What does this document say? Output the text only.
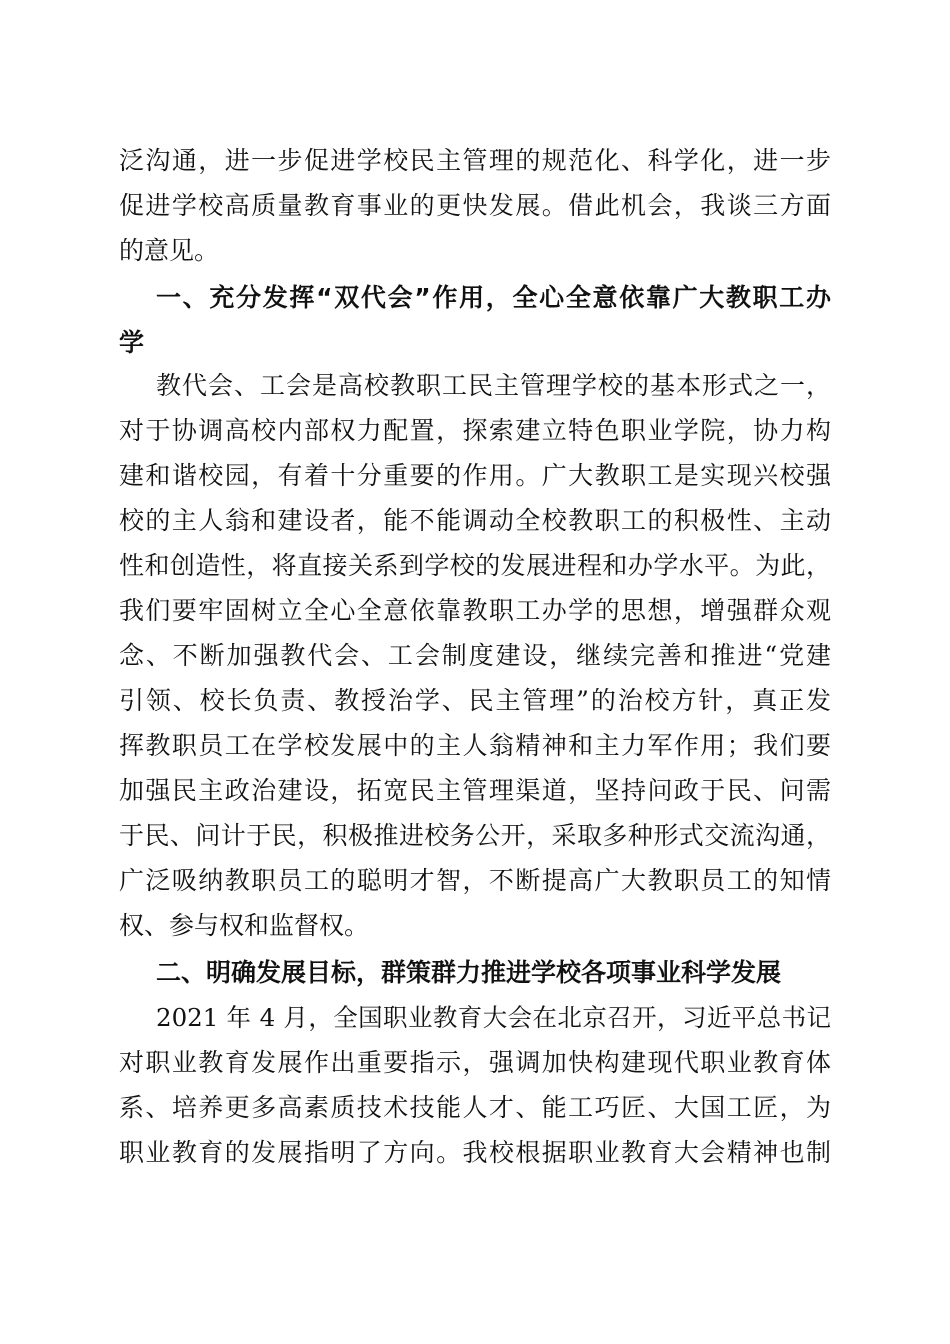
泛沟通，进一步促进学校民主管理的规范化、科学化，进一步

促进学校高质量教育事业的更快发展。借此机会，我谈三方面

的意见。

一、充分发挥“双代会”作用，全心全意依靠广大教职工办

学

教代会、工会是高校教职工民主管理学校的基本形式之一，

对于协调高校内部权力配置，探索建立特色职业学院，协力构

建和谐校园，有着十分重要的作用。广大教职工是实现兴校强

校的主人翁和建设者，能不能调动全校教职工的积极性、主动

性和创造性，将直接关系到学校的发展进程和办学水平。为此，

我们要牢固树立全心全意依靠教职工办学的思想，增强群众观

念、不断加强教代会、工会制度建设，继续完善和推进“党建

引领、校长负责、教授治学、民主管理”的治校方针，真正发

挥教职员工在学校发展中的主人翁精神和主力军作用；我们要

加强民主政治建设，拓宽民主管理渠道，坚持问政于民、问需

于民、问计于民，积极推进校务公开，采取多种形式交流沟通，

广泛吸纳教职员工的聪明才智，不断提高广大教职员工的知情

权、参与权和监督权。

二、明确发展目标，群策群力推进学校各项事业科学发展

2021 年 4 月，全国职业教育大会在北京召开，习近平总书记

对职业教育发展作出重要指示，强调加快构建现代职业教育体

系、培养更多高素质技术技能人才、能工巧匠、大国工匠，为

职业教育的发展指明了方向。我校根据职业教育大会精神也制
